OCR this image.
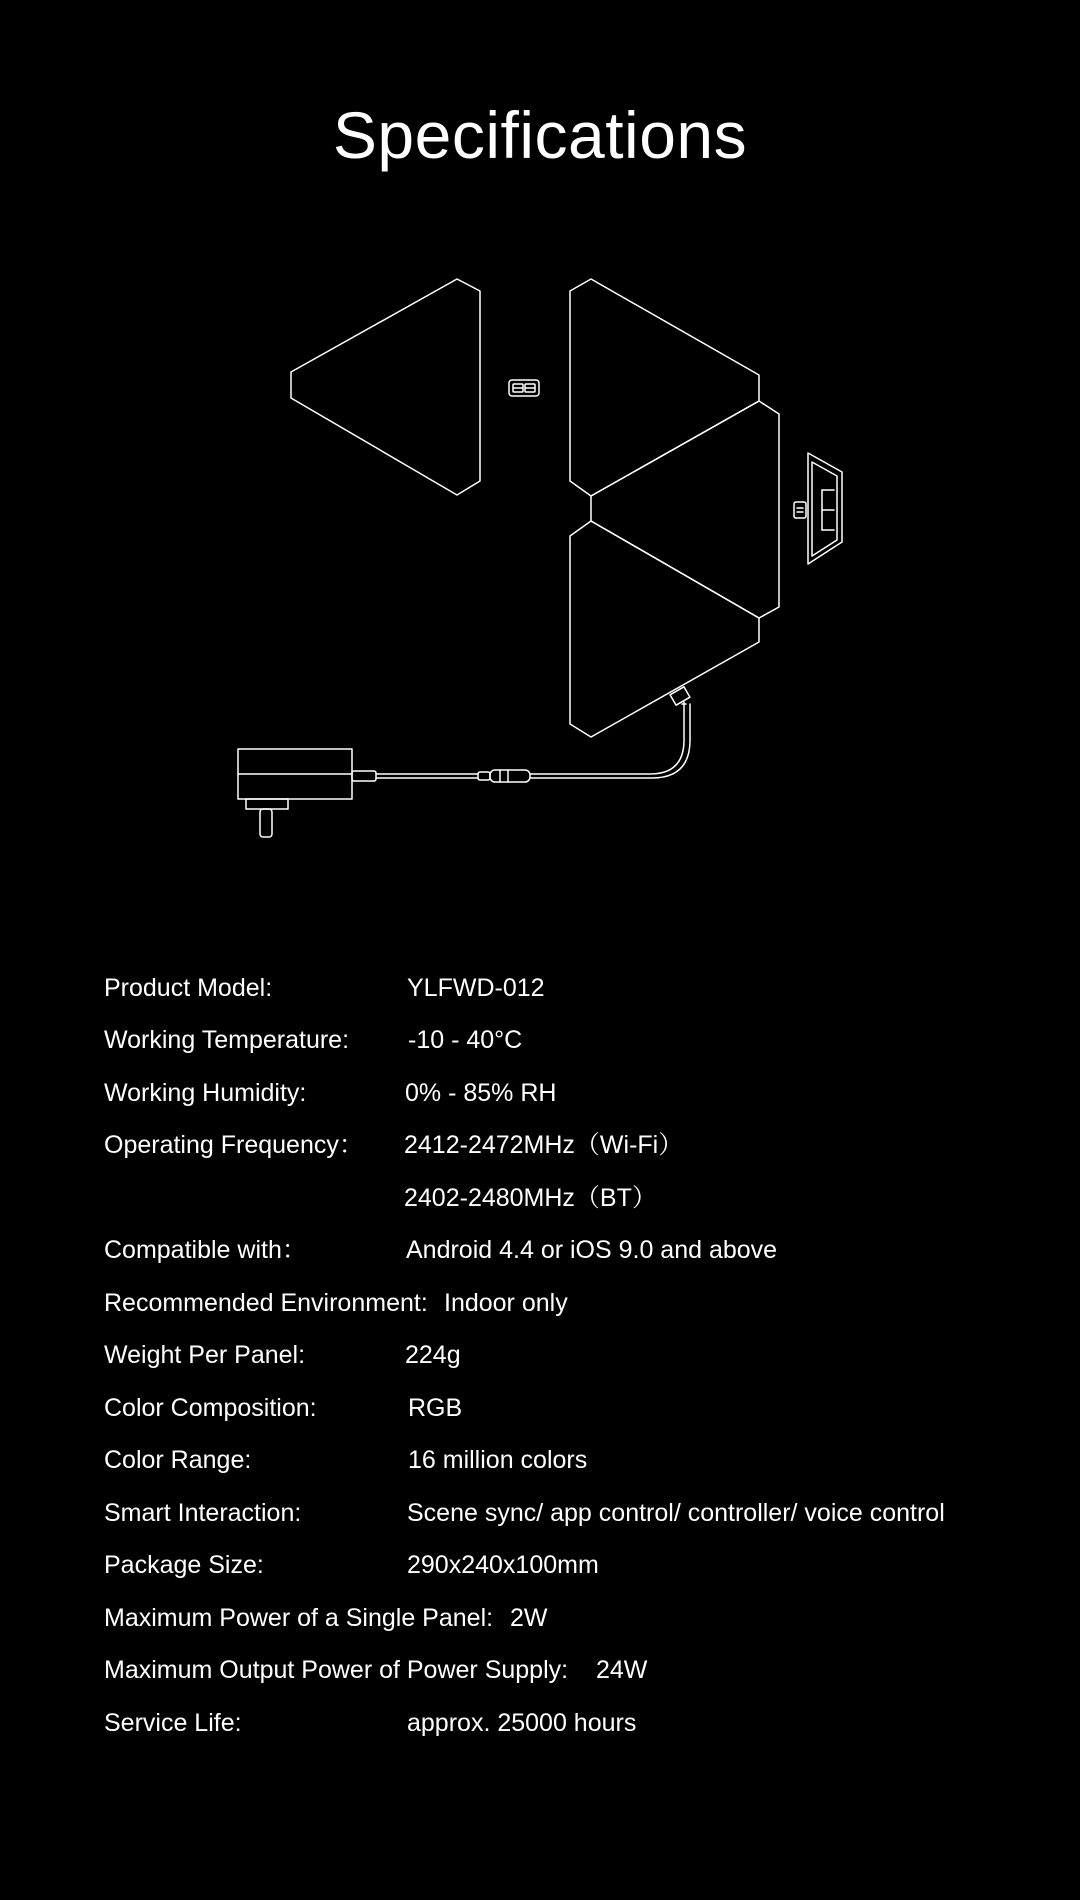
Specifications
Product Model:	YLFWD-012
Working Temperature: -10 - 40°C
Working Humidity:	0% - 85% RH
Operating Frequency： 2412-2472MHz（Wi-Fi）
2402-2480MHz（BT）
Compatible with：	Android 4.4 or iOS 9.0 and above
Recommended Environment: Indoor only
Weight Per Panel:	224g
Color Composition:	RGB
Color Range:	16 million colors
Smart Interaction:	Scene sync/ app control/ controller/ voice control
Package Size:	290x240x100mm
Maximum Power of a Single Panel: 2W
Maximum Output Power of Power Supply: 24W
Service Life:	approx. 25000 hours
